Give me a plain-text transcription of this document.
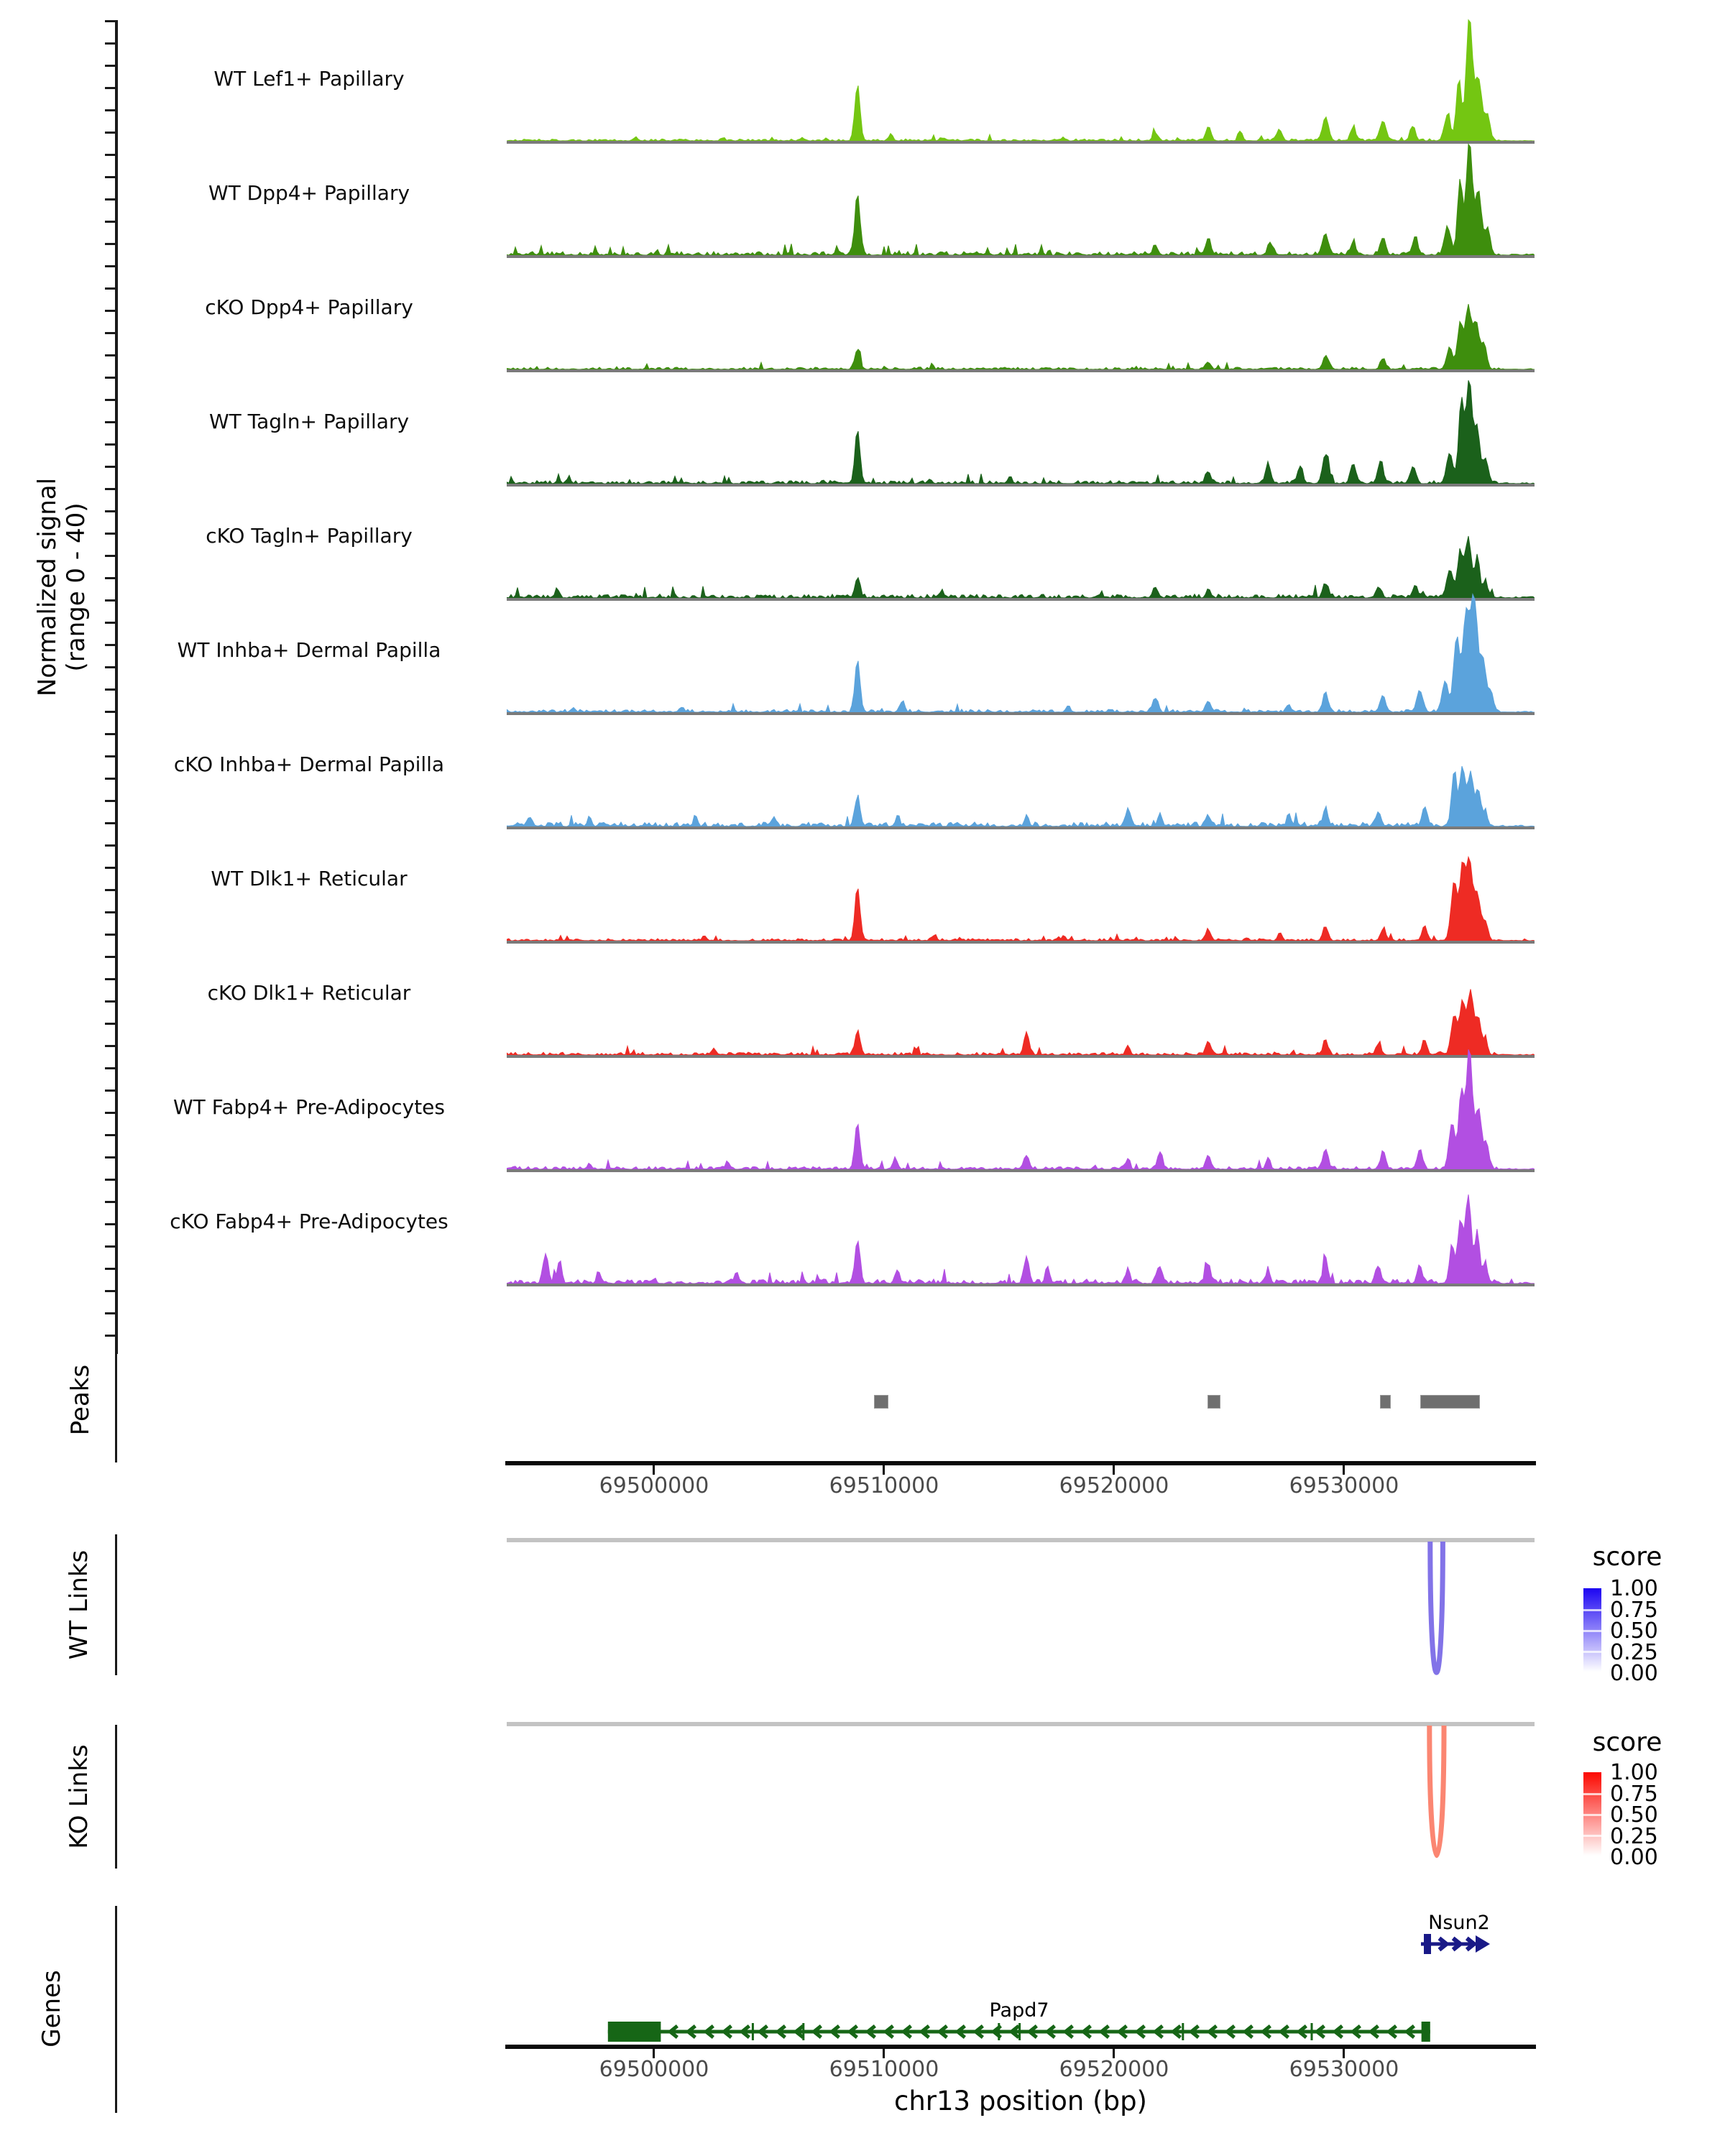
Normalized signal (range 0 - 40)
WT Lef1+ Papillary
WT Dpp4+ Papillary
cKO Dpp4+ Papillary
WT Tagln+ Papillary
cKO Tagln+ Papillary
WT Inhba+ Dermal Papilla
cKO Inhba+ Dermal Papilla
WT Dlk1+ Reticular
cKO Dlk1+ Reticular
WT Fabp4+ Pre-Adipocytes
cKO Fabp4+ Pre-Adipocytes
Peaks
69500000	69510000	69520000	69530000
WT Links	score
1.00
0.75
0.50
0.25
0.00
KO Links
score
1.00
0.75
0.50
0.25
0.00
Genes
Nsun2
Papd7
69500000	69510000	69520000	69530000
chr13 position (bp)
